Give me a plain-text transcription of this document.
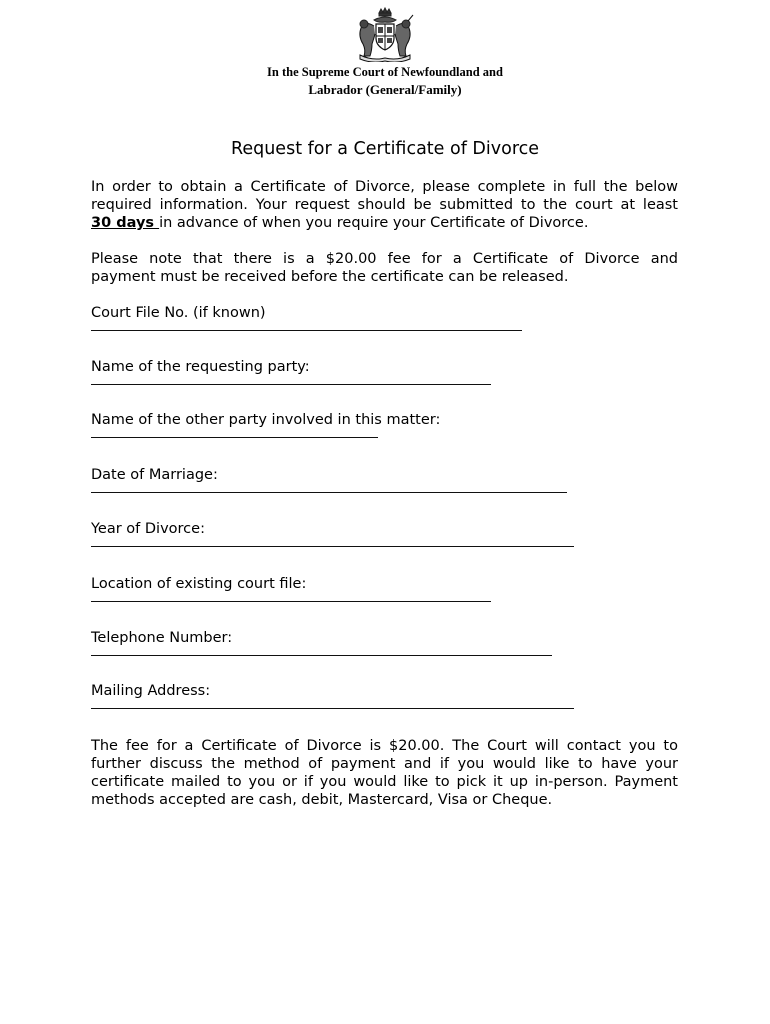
In the Supreme Court of Newfoundland and
Labrador (General/Family)
Request for a Certificate of Divorce
In order to obtain a Certificate of Divorce, please complete in full the below
required information. Your request should be submitted to the court at least
30 days in advance of when you require your Certificate of Divorce.
Please note that there is a $20.00 fee for a Certificate of Divorce and
payment must be received before the certificate can be released.
Court File No. (if known)
Name of the requesting party:
Name of the other party involved in this matter:
Date of Marriage:
Year of Divorce:
Location of existing court file:
Telephone Number:
Mailing Address:
The fee for a Certificate of Divorce is $20.00. The Court will contact you to
further discuss the method of payment and if you would like to have your
certificate mailed to you or if you would like to pick it up in-person. Payment
methods accepted are cash, debit, Mastercard, Visa or Cheque.
